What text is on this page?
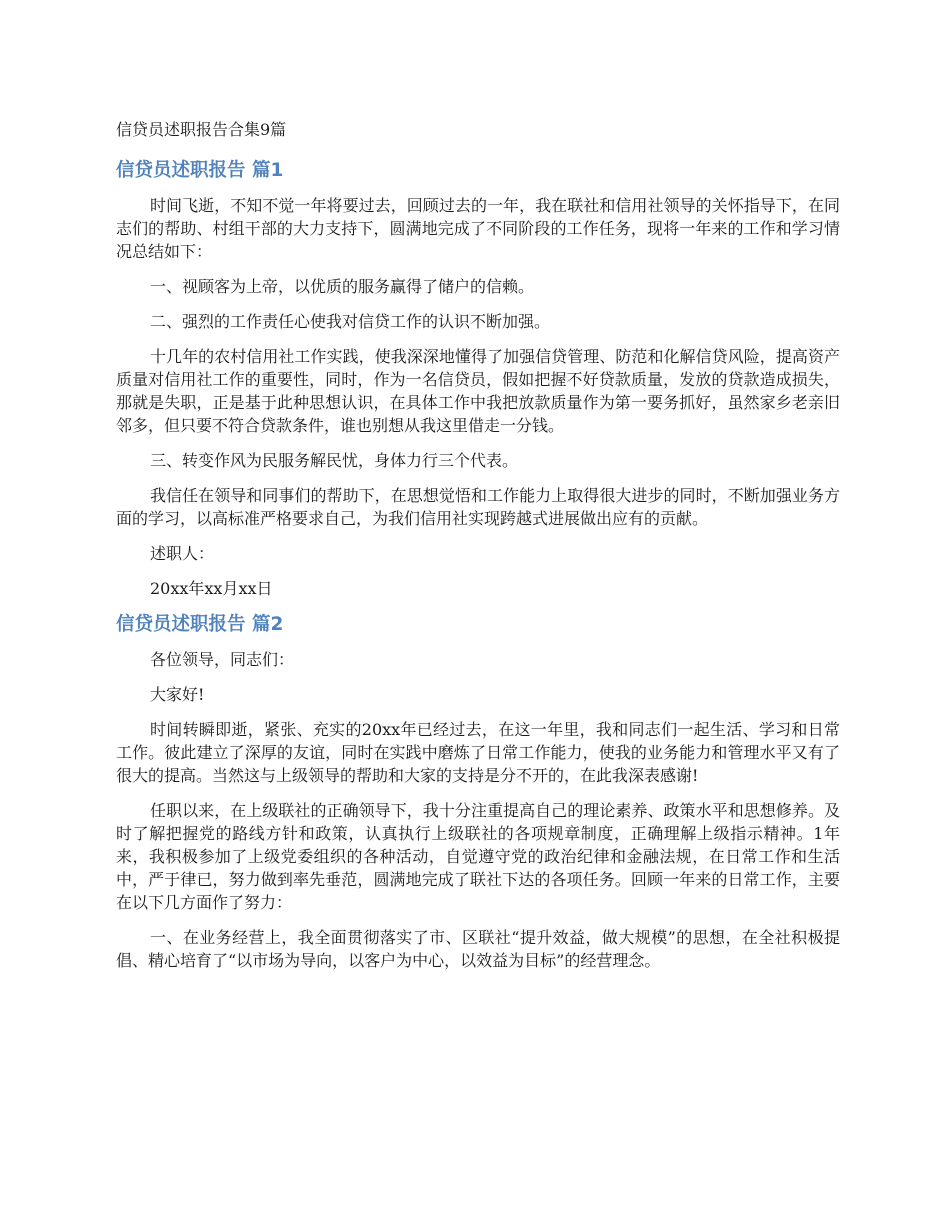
信贷员述职报告合集9篇
信贷员述职报告 篇1

时间飞逝，不知不觉一年将要过去，回顾过去的一年，我在联社和信用社领导的关怀指导下，在同志们的帮助、村组干部的大力支持下，圆满地完成了不同阶段的工作任务，现将一年来的工作和学习情况总结如下：

一、视顾客为上帝，以优质的服务赢得了储户的信赖。

二、强烈的工作责任心使我对信贷工作的认识不断加强。

十几年的农村信用社工作实践，使我深深地懂得了加强信贷管理、防范和化解信贷风险，提高资产质量对信用社工作的重要性，同时，作为一名信贷员，假如把握不好贷款质量，发放的贷款造成损失，那就是失职，正是基于此种思想认识，在具体工作中我把放款质量作为第一要务抓好，虽然家乡老亲旧邻多，但只要不符合贷款条件，谁也别想从我这里借走一分钱。

三、转变作风为民服务解民忧，身体力行三个代表。

我信任在领导和同事们的帮助下，在思想觉悟和工作能力上取得很大进步的同时，不断加强业务方面的学习，以高标准严格要求自己，为我们信用社实现跨越式进展做出应有的贡献。

述职人：

20xx年xx月xx日

信贷员述职报告 篇2

各位领导，同志们：

大家好!

时间转瞬即逝，紧张、充实的20xx年已经过去，在这一年里，我和同志们一起生活、学习和日常工作。彼此建立了深厚的友谊，同时在实践中磨炼了日常工作能力，使我的业务能力和管理水平又有了很大的提高。当然这与上级领导的帮助和大家的支持是分不开的，在此我深表感谢!

任职以来，在上级联社的正确领导下，我十分注重提高自己的理论素养、政策水平和思想修养。及时了解把握党的路线方针和政策，认真执行上级联社的各项规章制度，正确理解上级指示精神。1年来，我积极参加了上级党委组织的各种活动，自觉遵守党的政治纪律和金融法规，在日常工作和生活中，严于律已，努力做到率先垂范，圆满地完成了联社下达的各项任务。回顾一年来的日常工作，主要在以下几方面作了努力：

一、在业务经营上，我全面贯彻落实了市、区联社“提升效益，做大规模”的思想，在全社积极提倡、精心培育了“以市场为导向，以客户为中心，以效益为目标”的经营理念。
